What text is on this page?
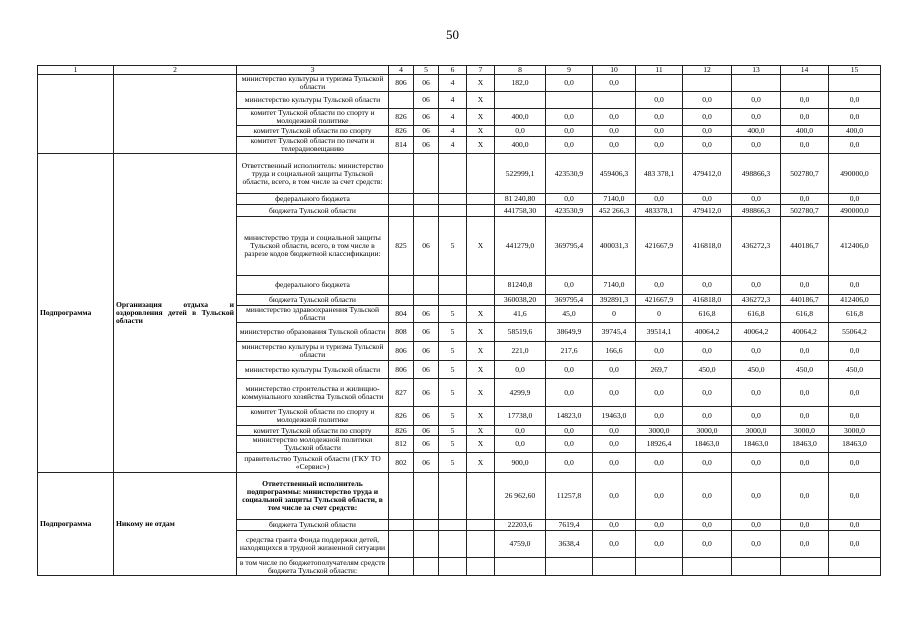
50
1	2	3	4	5	6	7	8	9	10	11	12	13	14	15
		министерство культуры и туризма Тульской области	806	06	4	X	182,0	0,0	0,0					
		министерство культуры Тульской области		06	4	X				0,0	0,0	0,0	0,0	0,0
		комитет Тульской области по спорту и молодежной политике	826	06	4	X	400,0	0,0	0,0	0,0	0,0	0,0	0,0	0,0
		комитет Тульской области по спорту	826	06	4	X	0,0	0,0	0,0	0,0	0,0	400,0	400,0	400,0
		комитет Тульской области по печати и телерадиовещанию	814	06	4	X	400,0	0,0	0,0	0,0	0,0	0,0	0,0	0,0
Подпрограмма	Организация отдыха и оздоровления детей в Тульской области	Ответственный исполнитель: министерство труда и социальной защиты Тульской области, всего, в том числе за счет средств:					522999,1	423530,9	459406,3	483 378,1	479412,0	498866,3	502780,7	490000,0
		федерального бюджета					81 240,80	0,0	7140,0	0,0	0,0	0,0	0,0	0,0
		бюджета Тульской области					441758,30	423530,9	452 266,3	483378,1	479412,0	498866,3	502780,7	490000,0
		министерство труда и социальной защиты Тульской области, всего, в том числе в разрезе кодов бюджетной классификации:	825	06	5	X	441279,0	369795,4	400031,3	421667,9	416818,0	436272,3	440186,7	412406,0
		федерального бюджета					81240,8	0,0	7140,0	0,0	0,0	0,0	0,0	0,0
		бюджета Тульской области					360038,20	369795,4	392891,3	421667,9	416818,0	436272,3	440186,7	412406,0
		министерство здравоохранения Тульской области	804	06	5	X	41,6	45,0	0	0	616,8	616,8	616,8	616,8
		министерство образования Тульской области	808	06	5	X	58519,6	38649,9	39745,4	39514,1	40064,2	40064,2	40064,2	55064,2
		министерство культуры и туризма Тульской области	806	06	5	X	221,0	217,6	166,6	0,0	0,0	0,0	0,0	0,0
		министерство культуры Тульской области	806	06	5	X	0,0	0,0	0,0	269,7	450,0	450,0	450,0	450,0
		министерство строительства и жилищно-коммунального хозяйства Тульской области	827	06	5	X	4299,9	0,0	0,0	0,0	0,0	0,0	0,0	0,0
		комитет Тульской области по спорту и молодежной политике	826	06	5	X	17738,0	14823,0	19463,0	0,0	0,0	0,0	0,0	0,0
		комитет Тульской области по спорту	826	06	5	X	0,0	0,0	0,0	3000,0	3000,0	3000,0	3000,0	3000,0
		министерство молодежной политики Тульской области	812	06	5	X	0,0	0,0	0,0	18926,4	18463,0	18463,0	18463,0	18463,0
		правительство Тульской области (ГКУ ТО «Сервис»)	802	06	5	X	900,0	0,0	0,0	0,0	0,0	0,0	0,0	0,0
Подпрограмма	Никому не отдам	Ответственный исполнитель подпрограммы: министерство труда и социальной защиты Тульской области, в том числе за счет средств:					26 962,60	11257,8	0,0	0,0	0,0	0,0	0,0	0,0
		бюджета Тульской области					22203,6	7619,4	0,0	0,0	0,0	0,0	0,0	0,0
		средства гранта Фонда поддержки детей, находящихся в трудной жизненной ситуации					4759,0	3638,4	0,0	0,0	0,0	0,0	0,0	0,0
		в том числе по бюджетополучателям средств бюджета Тульской области:												
